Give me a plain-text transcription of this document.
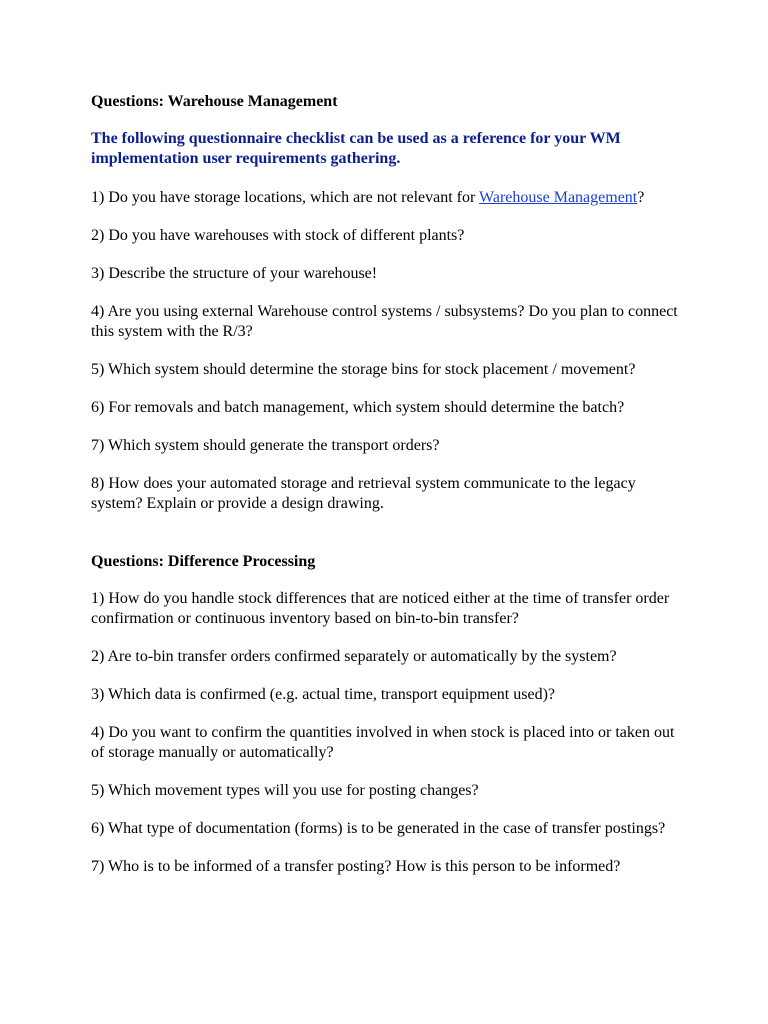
Questions: Warehouse Management

The following questionnaire checklist can be used as a reference for your WM implementation user requirements gathering.

1) Do you have storage locations, which are not relevant for Warehouse Management?

2) Do you have warehouses with stock of different plants?

3) Describe the structure of your warehouse!

4) Are you using external Warehouse control systems / subsystems? Do you plan to connect this system with the R/3?

5) Which system should determine the storage bins for stock placement / movement?

6) For removals and batch management, which system should determine the batch?

7) Which system should generate the transport orders?

8) How does your automated storage and retrieval system communicate to the legacy system? Explain or provide a design drawing.

Questions: Difference Processing

1) How do you handle stock differences that are noticed either at the time of transfer order confirmation or continuous inventory based on bin-to-bin transfer?

2) Are to-bin transfer orders confirmed separately or automatically by the system?

3) Which data is confirmed (e.g. actual time, transport equipment used)?

4) Do you want to confirm the quantities involved in when stock is placed into or taken out of storage manually or automatically?

5) Which movement types will you use for posting changes?

6) What type of documentation (forms) is to be generated in the case of transfer postings?

7) Who is to be informed of a transfer posting? How is this person to be informed?
